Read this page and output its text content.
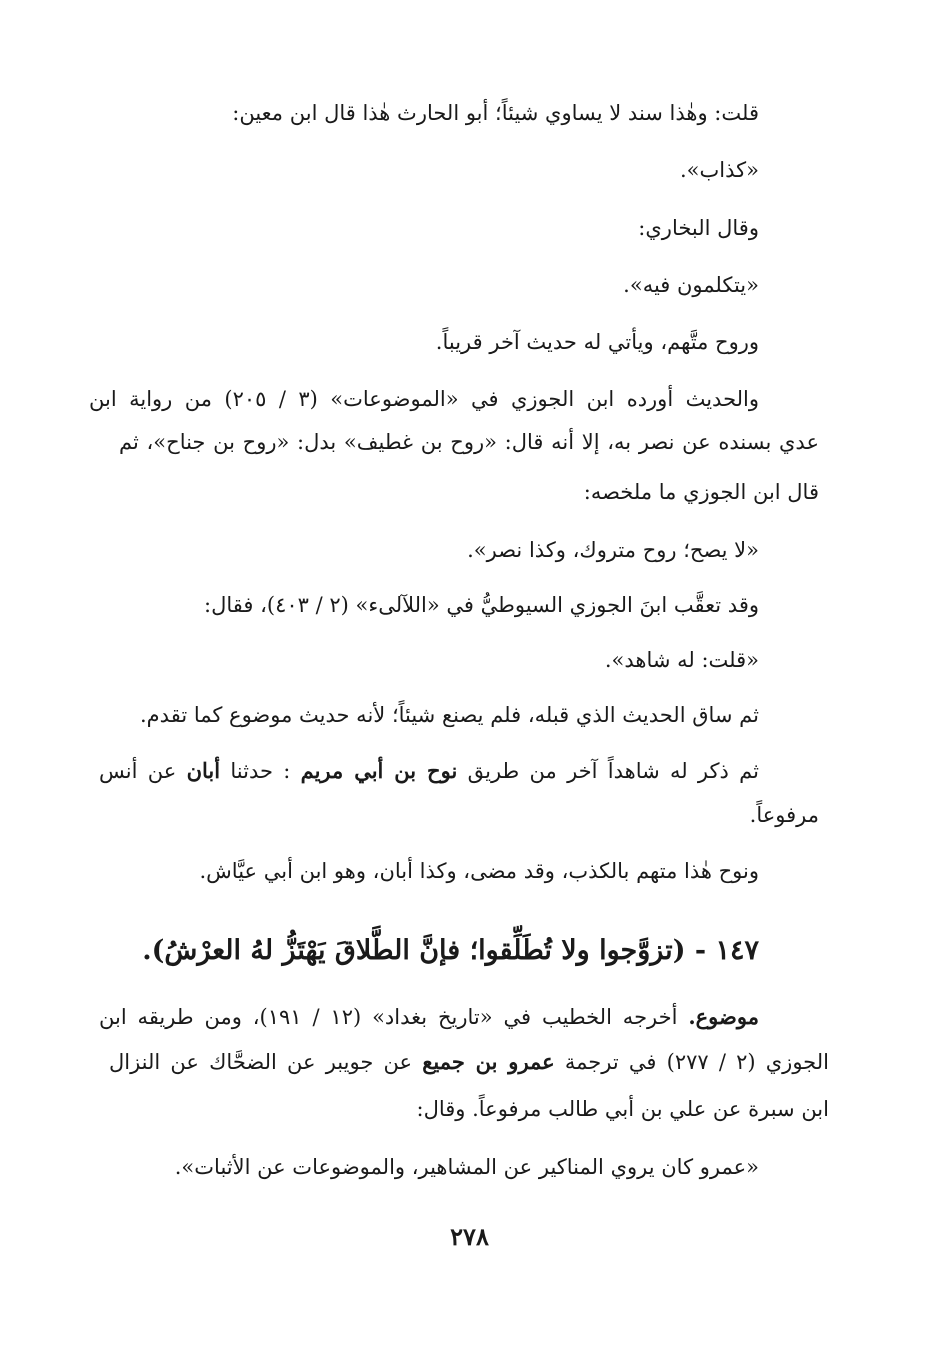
قلت: وهٰذا سند لا يساوي شيئاً؛ أبو الحارث هٰذا قال ابن معين:
«كذاب».
وقال البخاري:
«يتكلمون فيه».
وروح متَّهم، ويأتي له حديث آخر قريباً.
والحديث أورده ابن الجوزي في «الموضوعات» (٣ / ٢٠٥) من رواية ابن
عدي بسنده عن نصر به، إلا أنه قال: «روح بن غطيف» بدل: «روح بن جناح»، ثم
قال ابن الجوزي ما ملخصه:
«لا يصح؛ روح متروك، وكذا نصر».
وقد تعقَّب ابنَ الجوزي السيوطيُّ في «اللآلىء» (٢ / ٤٠٣)، فقال:
«قلت: له شاهد».
ثم ساق الحديث الذي قبله، فلم يصنع شيئاً؛ لأنه حديث موضوع كما تقدم.
ثم ذكر له شاهداً آخر من طريق نوح بن أبي مريم : حدثنا أبان عن أنس
مرفوعاً.
ونوح هٰذا متهم بالكذب، وقد مضى، وكذا أبان، وهو ابن أبي عيَّاش.
١٤٧ - (تزوَّجوا ولا تُطَلِّقوا؛ فإنَّ الطَّلاقَ يَهْتَزُّ لهُ العرْشُ).
موضوع. أخرجه الخطيب في «تاريخ بغداد» (١٢ / ١٩١)، ومن طريقه ابن
الجوزي (٢ / ٢٧٧) في ترجمة عمرو بن جميع عن جويبر عن الضحَّاك عن النزال
ابن سبرة عن علي بن أبي طالب مرفوعاً. وقال:
«عمرو كان يروي المناكير عن المشاهير، والموضوعات عن الأثبات».
٢٧٨
